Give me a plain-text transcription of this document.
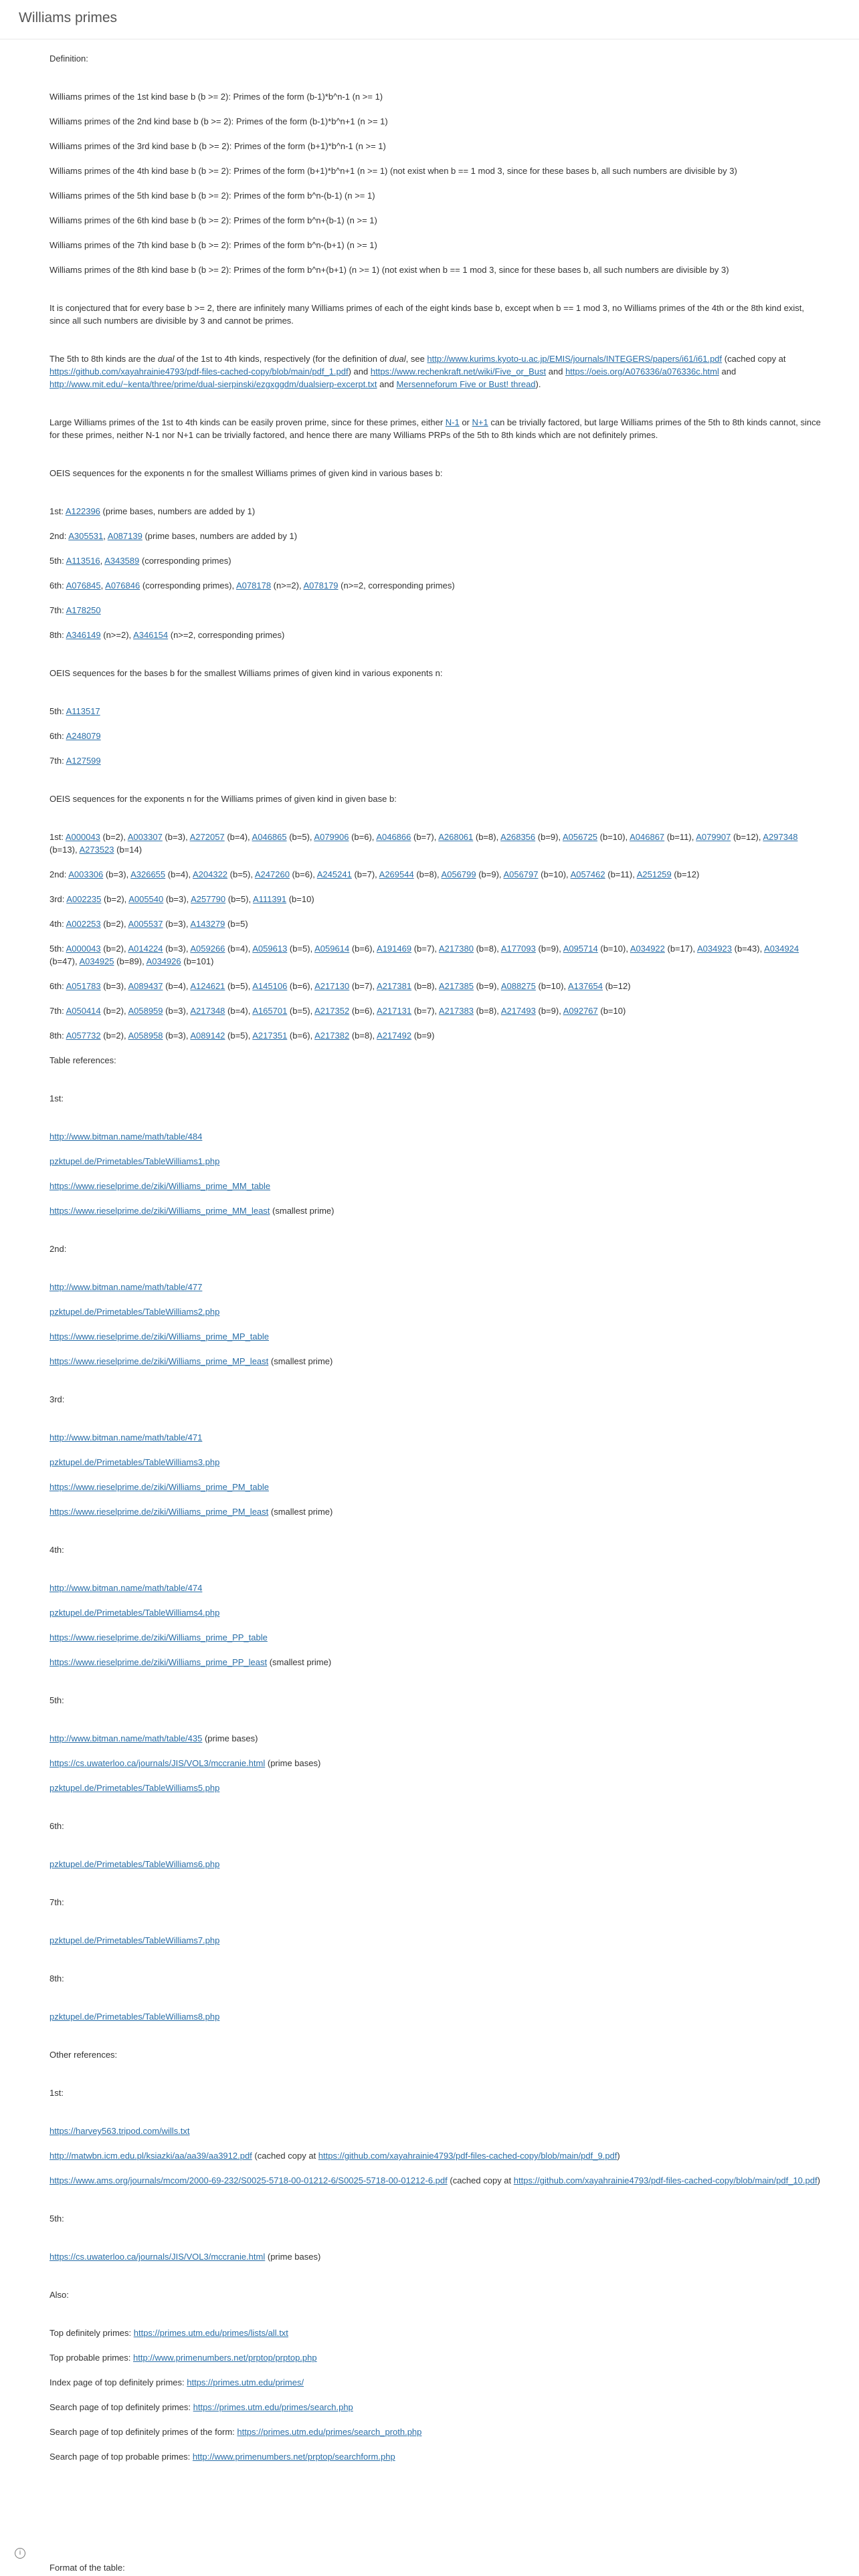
Williams primes

Definition:

Williams primes of the 1st kind base b (b >= 2): Primes of the form (b-1)*b^n-1 (n >= 1)

Williams primes of the 2nd kind base b (b >= 2): Primes of the form (b-1)*b^n+1 (n >= 1)

Williams primes of the 3rd kind base b (b >= 2): Primes of the form (b+1)*b^n-1 (n >= 1)

Williams primes of the 4th kind base b (b >= 2): Primes of the form (b+1)*b^n+1 (n >= 1) (not exist when b == 1 mod 3, since for these bases b, all such numbers are divisible by 3)

Williams primes of the 5th kind base b (b >= 2): Primes of the form b^n-(b-1) (n >= 1)

Williams primes of the 6th kind base b (b >= 2): Primes of the form b^n+(b-1) (n >= 1)

Williams primes of the 7th kind base b (b >= 2): Primes of the form b^n-(b+1) (n >= 1)

Williams primes of the 8th kind base b (b >= 2): Primes of the form b^n+(b+1) (n >= 1) (not exist when b == 1 mod 3, since for these bases b, all such numbers are divisible by 3)

It is conjectured that for every base b >= 2, there are infinitely many Williams primes of each of the eight kinds base b, except when b == 1 mod 3, no Williams primes of the 4th or the 8th kind exist, since all such numbers are divisible by 3 and cannot be primes.

The 5th to 8th kinds are the dual of the 1st to 4th kinds, respectively (for the definition of dual, see http://www.kurims.kyoto-u.ac.jp/EMIS/journals/INTEGERS/papers/i61/i61.pdf (cached copy at https://github.com/xayahrainie4793/pdf-files-cached-copy/blob/main/pdf_1.pdf) and https://www.rechenkraft.net/wiki/Five_or_Bust and https://oeis.org/A076336/a076336c.html and http://www.mit.edu/~kenta/three/prime/dual-sierpinski/ezgxggdm/dualsierp-excerpt.txt and Mersenneforum Five or Bust! thread).

Large Williams primes of the 1st to 4th kinds can be easily proven prime, since for these primes, either N-1 or N+1 can be trivially factored, but large Williams primes of the 5th to 8th kinds cannot, since for these primes, neither N-1 nor N+1 can be trivially factored, and hence there are many Williams PRPs of the 5th to 8th kinds which are not definitely primes.

OEIS sequences for the exponents n for the smallest Williams primes of given kind in various bases b:

1st: A122396 (prime bases, numbers are added by 1)

2nd: A305531, A087139 (prime bases, numbers are added by 1)

5th: A113516, A343589 (corresponding primes)

6th: A076845, A076846 (corresponding primes), A078178 (n>=2), A078179 (n>=2, corresponding primes)

7th: A178250

8th: A346149 (n>=2), A346154 (n>=2, corresponding primes)

OEIS sequences for the bases b for the smallest Williams primes of given kind in various exponents n:

5th: A113517

6th: A248079

7th: A127599

OEIS sequences for the exponents n for the Williams primes of given kind in given base b:

1st: A000043 (b=2), A003307 (b=3), A272057 (b=4), A046865 (b=5), A079906 (b=6), A046866 (b=7), A268061 (b=8), A268356 (b=9), A056725 (b=10), A046867 (b=11), A079907 (b=12), A297348 (b=13), A273523 (b=14)

2nd: A003306 (b=3), A326655 (b=4), A204322 (b=5), A247260 (b=6), A245241 (b=7), A269544 (b=8), A056799 (b=9), A056797 (b=10), A057462 (b=11), A251259 (b=12)

3rd: A002235 (b=2), A005540 (b=3), A257790 (b=5), A111391 (b=10)

4th: A002253 (b=2), A005537 (b=3), A143279 (b=5)

5th: A000043 (b=2), A014224 (b=3), A059266 (b=4), A059613 (b=5), A059614 (b=6), A191469 (b=7), A217380 (b=8), A177093 (b=9), A095714 (b=10), A034922 (b=17), A034923 (b=43), A034924 (b=47), A034925 (b=89), A034926 (b=101)

6th: A051783 (b=3), A089437 (b=4), A124621 (b=5), A145106 (b=6), A217130 (b=7), A217381 (b=8), A217385 (b=9), A088275 (b=10), A137654 (b=12)

7th: A050414 (b=2), A058959 (b=3), A217348 (b=4), A165701 (b=5), A217352 (b=6), A217131 (b=7), A217383 (b=8), A217493 (b=9), A092767 (b=10)

8th: A057732 (b=2), A058958 (b=3), A089142 (b=5), A217351 (b=6), A217382 (b=8), A217492 (b=9)

Table references:

1st:

http://www.bitman.name/math/table/484

pzktupel.de/Primetables/TableWilliams1.php

https://www.rieselprime.de/ziki/Williams_prime_MM_table

https://www.rieselprime.de/ziki/Williams_prime_MM_least (smallest prime)

2nd:

http://www.bitman.name/math/table/477

pzktupel.de/Primetables/TableWilliams2.php

https://www.rieselprime.de/ziki/Williams_prime_MP_table

https://www.rieselprime.de/ziki/Williams_prime_MP_least (smallest prime)

3rd:

http://www.bitman.name/math/table/471

pzktupel.de/Primetables/TableWilliams3.php

https://www.rieselprime.de/ziki/Williams_prime_PM_table

https://www.rieselprime.de/ziki/Williams_prime_PM_least (smallest prime)

4th:

http://www.bitman.name/math/table/474

pzktupel.de/Primetables/TableWilliams4.php

https://www.rieselprime.de/ziki/Williams_prime_PP_table

https://www.rieselprime.de/ziki/Williams_prime_PP_least (smallest prime)

5th:

http://www.bitman.name/math/table/435 (prime bases)

https://cs.uwaterloo.ca/journals/JIS/VOL3/mccranie.html (prime bases)

pzktupel.de/Primetables/TableWilliams5.php

6th:

pzktupel.de/Primetables/TableWilliams6.php

7th:

pzktupel.de/Primetables/TableWilliams7.php

8th:

pzktupel.de/Primetables/TableWilliams8.php

Other references:

1st:

https://harvey563.tripod.com/wills.txt

http://matwbn.icm.edu.pl/ksiazki/aa/aa39/aa3912.pdf (cached copy at https://github.com/xayahrainie4793/pdf-files-cached-copy/blob/main/pdf_9.pdf)

https://www.ams.org/journals/mcom/2000-69-232/S0025-5718-00-01212-6/S0025-5718-00-01212-6.pdf (cached copy at https://github.com/xayahrainie4793/pdf-files-cached-copy/blob/main/pdf_10.pdf)

5th:

https://cs.uwaterloo.ca/journals/JIS/VOL3/mccranie.html (prime bases)

Also:

Top definitely primes: https://primes.utm.edu/primes/lists/all.txt

Top probable primes: http://www.primenumbers.net/prptop/prptop.php

Index page of top definitely primes: https://primes.utm.edu/primes/

Search page of top definitely primes: https://primes.utm.edu/primes/search.php

Search page of top definitely primes of the form: https://primes.utm.edu/primes/search_proth.php

Search page of top probable primes: http://www.primenumbers.net/prptop/searchform.php

i
Format of the table:
